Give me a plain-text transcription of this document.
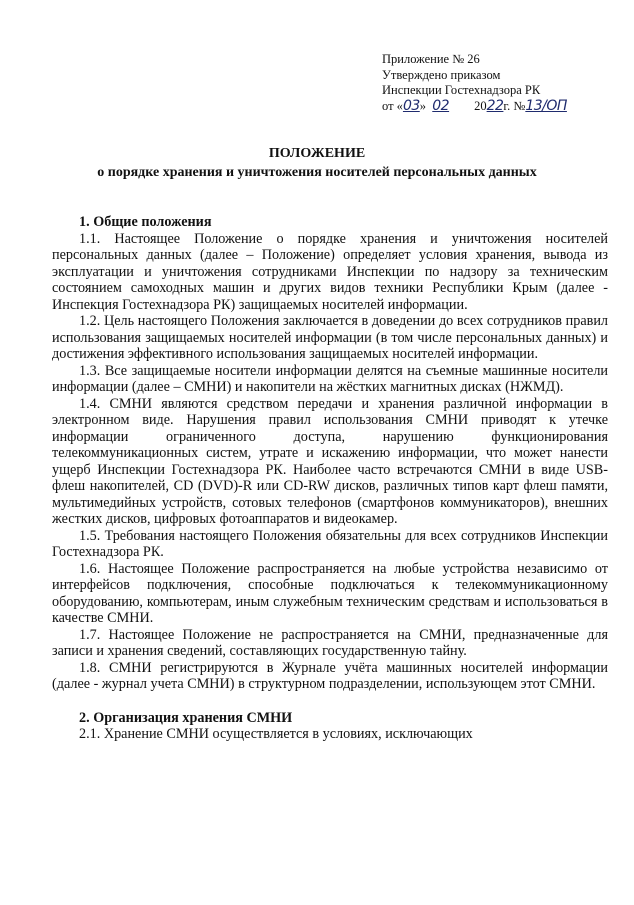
Приложение № 26
Утверждено приказом
Инспекции Гостехнадзора РК
от «03» 02 2022г. №13/ОП
ПОЛОЖЕНИЕ
о порядке хранения и уничтожения носителей персональных данных
1. Общие положения

1.1. Настоящее Положение о порядке хранения и уничтожения носителей персональных данных (далее – Положение) определяет условия хранения, вывода из эксплуатации и уничтожения сотрудниками Инспекции по надзору за техническим состоянием самоходных машин и других видов техники Республики Крым (далее - Инспекция Гостехнадзора РК) защищаемых носителей информации.

1.2. Цель настоящего Положения заключается в доведении до всех сотрудников правил использования защищаемых носителей информации (в том числе персональных данных) и достижения эффективного использования защищаемых носителей информации.

1.3. Все защищаемые носители информации делятся на съемные машинные носители информации (далее – СМНИ) и накопители на жёстких магнитных дисках (НЖМД).

1.4. СМНИ являются средством передачи и хранения различной информации в электронном виде. Нарушения правил использования СМНИ приводят к утечке информации ограниченного доступа, нарушению функционирования телекоммуникационных систем, утрате и искажению информации, что может нанести ущерб Инспекции Гостехнадзора РК. Наиболее часто встречаются СМНИ в виде USB-флеш накопителей, CD (DVD)-R или CD-RW дисков, различных типов карт флеш памяти, мультимедийных устройств, сотовых телефонов (смартфонов коммуникаторов), внешних жестких дисков, цифровых фотоаппаратов и видеокамер.

1.5. Требования настоящего Положения обязательны для всех сотрудников Инспекции Гостехнадзора РК.

1.6. Настоящее Положение распространяется на любые устройства независимо от интерфейсов подключения, способные подключаться к телекоммуникационному оборудованию, компьютерам, иным служебным техническим средствам и использоваться в качестве СМНИ.

1.7. Настоящее Положение не распространяется на СМНИ, предназначенные для записи и хранения сведений, составляющих государственную тайну.

1.8. СМНИ регистрируются в Журнале учёта машинных носителей информации (далее - журнал учета СМНИ) в структурном подразделении, использующем этот СМНИ.

2. Организация хранения СМНИ

2.1. Хранение СМНИ осуществляется в условиях, исключающих
